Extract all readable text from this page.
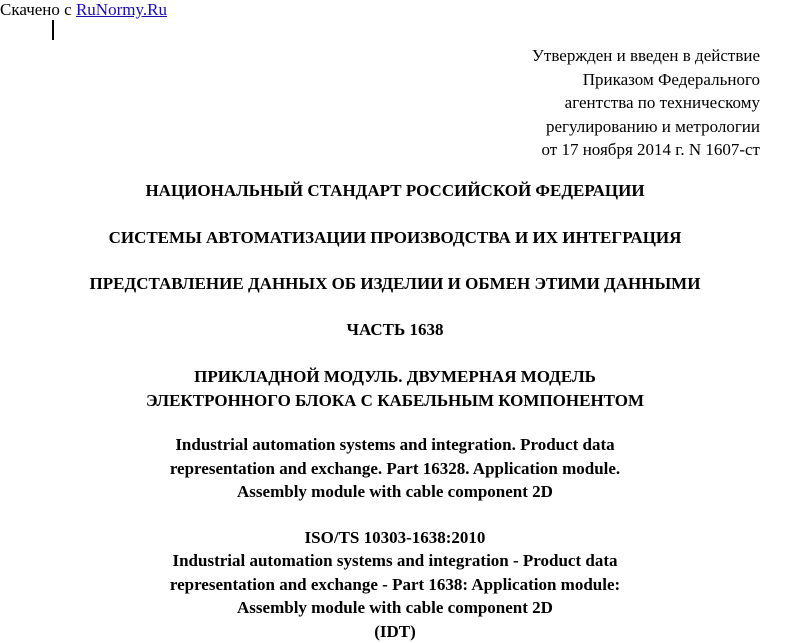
Скачено с RuNormy.Ru
Утвержден и введен в действие
Приказом Федерального
агентства по техническому
регулированию и метрологии
от 17 ноября 2014 г. N 1607-ст
НАЦИОНАЛЬНЫЙ СТАНДАРТ РОССИЙСКОЙ ФЕДЕРАЦИИ
СИСТЕМЫ АВТОМАТИЗАЦИИ ПРОИЗВОДСТВА И ИХ ИНТЕГРАЦИЯ
ПРЕДСТАВЛЕНИЕ ДАННЫХ ОБ ИЗДЕЛИИ И ОБМЕН ЭТИМИ ДАННЫМИ
ЧАСТЬ 1638
ПРИКЛАДНОЙ МОДУЛЬ. ДВУМЕРНАЯ МОДЕЛЬ
ЭЛЕКТРОННОГО БЛОКА С КАБЕЛЬНЫМ КОМПОНЕНТОМ
Industrial automation systems and integration. Product data
representation and exchange. Part 16328. Application module.
Assembly module with cable component 2D
ISO/TS 10303-1638:2010
Industrial automation systems and integration - Product data
representation and exchange - Part 1638: Application module:
Assembly module with cable component 2D
(IDT)
